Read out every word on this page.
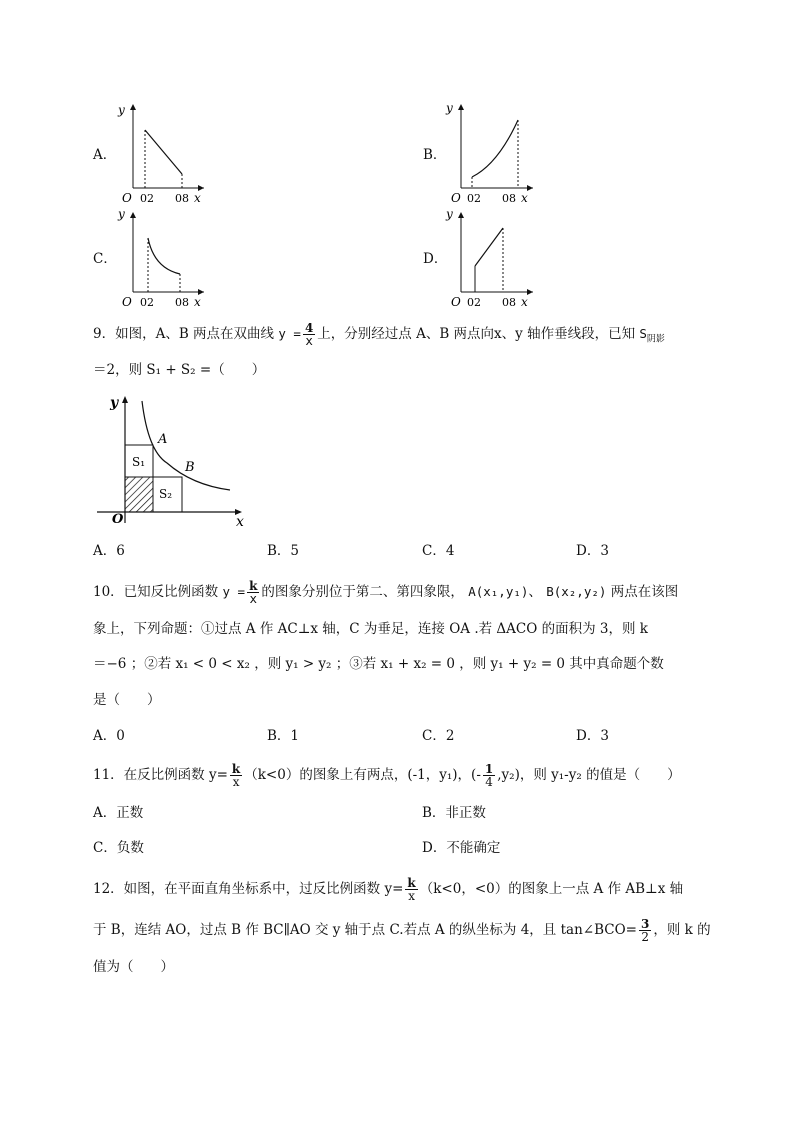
A．	B．
C．	D．
y
O 02 08 x
y
O 02 08 x
y
O 02 08 x
y
O 02 08 x
9．如图，A、B 两点在双曲线 $y = \frac{4}{x}$ 上，分别经过点 A、B 两点向x、y 轴作垂线段，已知 $S_{阴影}$
＝2，则 S₁ + S₂ =（　　）
y
x
O
A
B
S₁
S₂
A．6	B．5	C．4	D．3
10．已知反比例函数 $y = \frac{k}{x}$ 的图象分别位于第二、第四象限， A(x₁,y₁)、 B(x₂,y₂) 两点在该图
象上，下列命题：①过点 A 作 AC⊥x 轴，C 为垂足，连接 OA .若 ΔACO 的面积为 3，则 k
＝−6 ；②若 x₁ < 0 < x₂ ，则 y₁ > y₂ ；③若 x₁ + x₂ = 0 ，则 y₁ + y₂ = 0 其中真命题个数
是（　　）
A．0	B．1	C．2	D．3
11．在反比例函数 $y= \frac{k}{x} (k<0)$的图象上有两点，(-1，y₁)，(- $\frac{1}{4} ,y_2$)，则 y₁-y₂ 的值是（　　）
A．正数	B．非正数
C．负数	D．不能确定
12．如图，在平面直角坐标系中，过反比例函数 $y= \frac{k}{x} (k<0$，<0）的图象上一点 A 作 AB⊥x 轴
于 B，连结 AO，过点 B 作 BC∥AO 交 y 轴于点 C.若点 A 的纵坐标为 4，且 tan∠BCO= $\frac{3}{2}$ ，则 k 的
值为（　　）
